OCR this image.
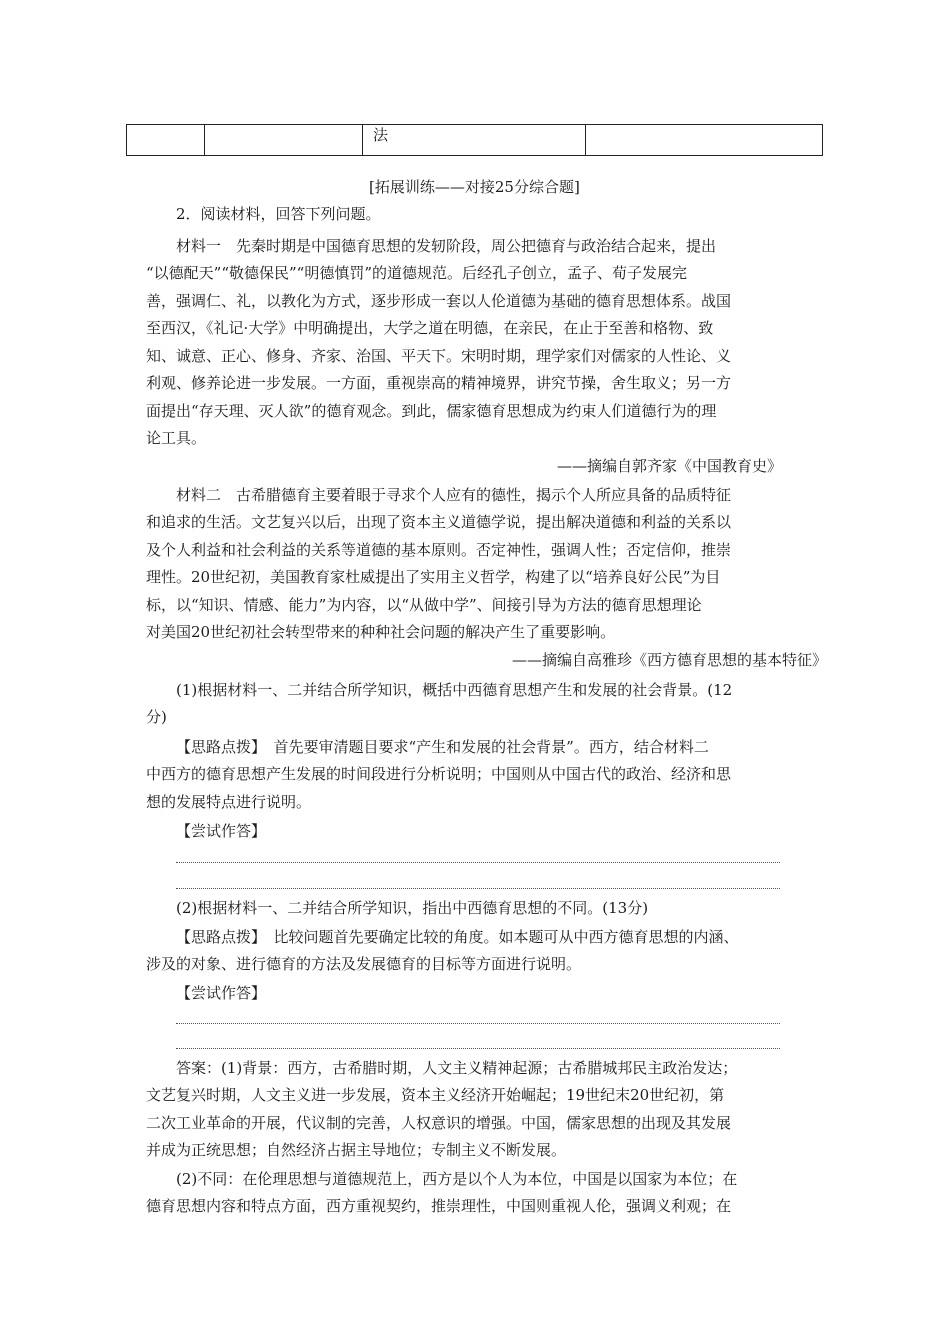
		法	
[拓展训练——对接25分综合题]
2．阅读材料，回答下列问题。
材料一　先秦时期是中国德育思想的发轫阶段，周公把德育与政治结合起来，提出
“以德配天”“敬德保民”“明德慎罚”的道德规范。后经孔子创立，孟子、荀子发展完
善，强调仁、礼，以教化为方式，逐步形成一套以人伦道德为基础的德育思想体系。战国
至西汉，《礼记·大学》中明确提出，大学之道在明德，在亲民，在止于至善和格物、致
知、诚意、正心、修身、齐家、治国、平天下。宋明时期，理学家们对儒家的人性论、义
利观、修养论进一步发展。一方面，重视崇高的精神境界，讲究节操，舍生取义；另一方
面提出“存天理、灭人欲”的德育观念。到此，儒家德育思想成为约束人们道德行为的理
论工具。
——摘编自郭齐家《中国教育史》
材料二　古希腊德育主要着眼于寻求个人应有的德性，揭示个人所应具备的品质特征
和追求的生活。文艺复兴以后，出现了资本主义道德学说，提出解决道德和利益的关系以
及个人利益和社会利益的关系等道德的基本原则。否定神性，强调人性；否定信仰，推崇
理性。20世纪初，美国教育家杜威提出了实用主义哲学，构建了以“培养良好公民”为目
标，以“知识、情感、能力”为内容，以“从做中学”、间接引导为方法的德育思想理论
对美国20世纪初社会转型带来的种种社会问题的解决产生了重要影响。
——摘编自高雅珍《西方德育思想的基本特征》
(1)根据材料一、二并结合所学知识，概括中西德育思想产生和发展的社会背景。(12
分)
【思路点拨】　首先要审清题目要求“产生和发展的社会背景”。西方，结合材料二
中西方的德育思想产生发展的时间段进行分析说明；中国则从中国古代的政治、经济和思
想的发展特点进行说明。
【尝试作答】
(2)根据材料一、二并结合所学知识，指出中西德育思想的不同。(13分)
【思路点拨】　比较问题首先要确定比较的角度。如本题可从中西方德育思想的内涵、
涉及的对象、进行德育的方法及发展德育的目标等方面进行说明。
【尝试作答】
答案：(1)背景：西方，古希腊时期，人文主义精神起源；古希腊城邦民主政治发达；
文艺复兴时期，人文主义进一步发展，资本主义经济开始崛起；19世纪末20世纪初，第
二次工业革命的开展，代议制的完善，人权意识的增强。中国，儒家思想的出现及其发展
并成为正统思想；自然经济占据主导地位；专制主义不断发展。
(2)不同：在伦理思想与道德规范上，西方是以个人为本位，中国是以国家为本位；在
德育思想内容和特点方面，西方重视契约，推崇理性，中国则重视人伦，强调义利观；在
